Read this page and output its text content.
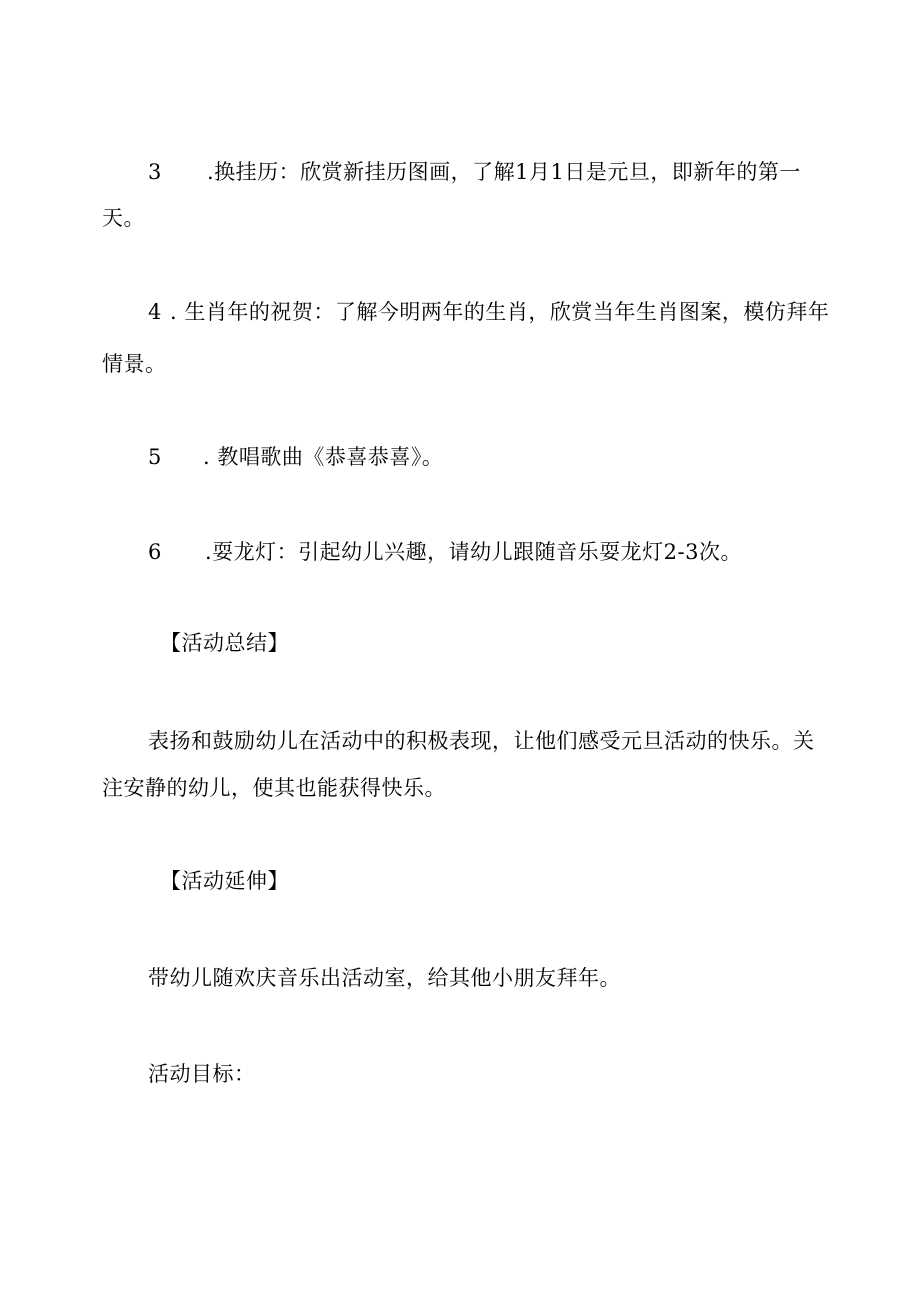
3 .换挂历：欣赏新挂历图画，了解1月1日是元旦，即新年的第一
天。
4 . 生肖年的祝贺：了解今明两年的生肖，欣赏当年生肖图案，模仿拜年
情景。
5 . 教唱歌曲《恭喜恭喜》。
6 .耍龙灯：引起幼儿兴趣，请幼儿跟随音乐耍龙灯2-3次。
【活动总结】
表扬和鼓励幼儿在活动中的积极表现，让他们感受元旦活动的快乐。关
注安静的幼儿，使其也能获得快乐。
【活动延伸】
带幼儿随欢庆音乐出活动室，给其他小朋友拜年。
活动目标：
